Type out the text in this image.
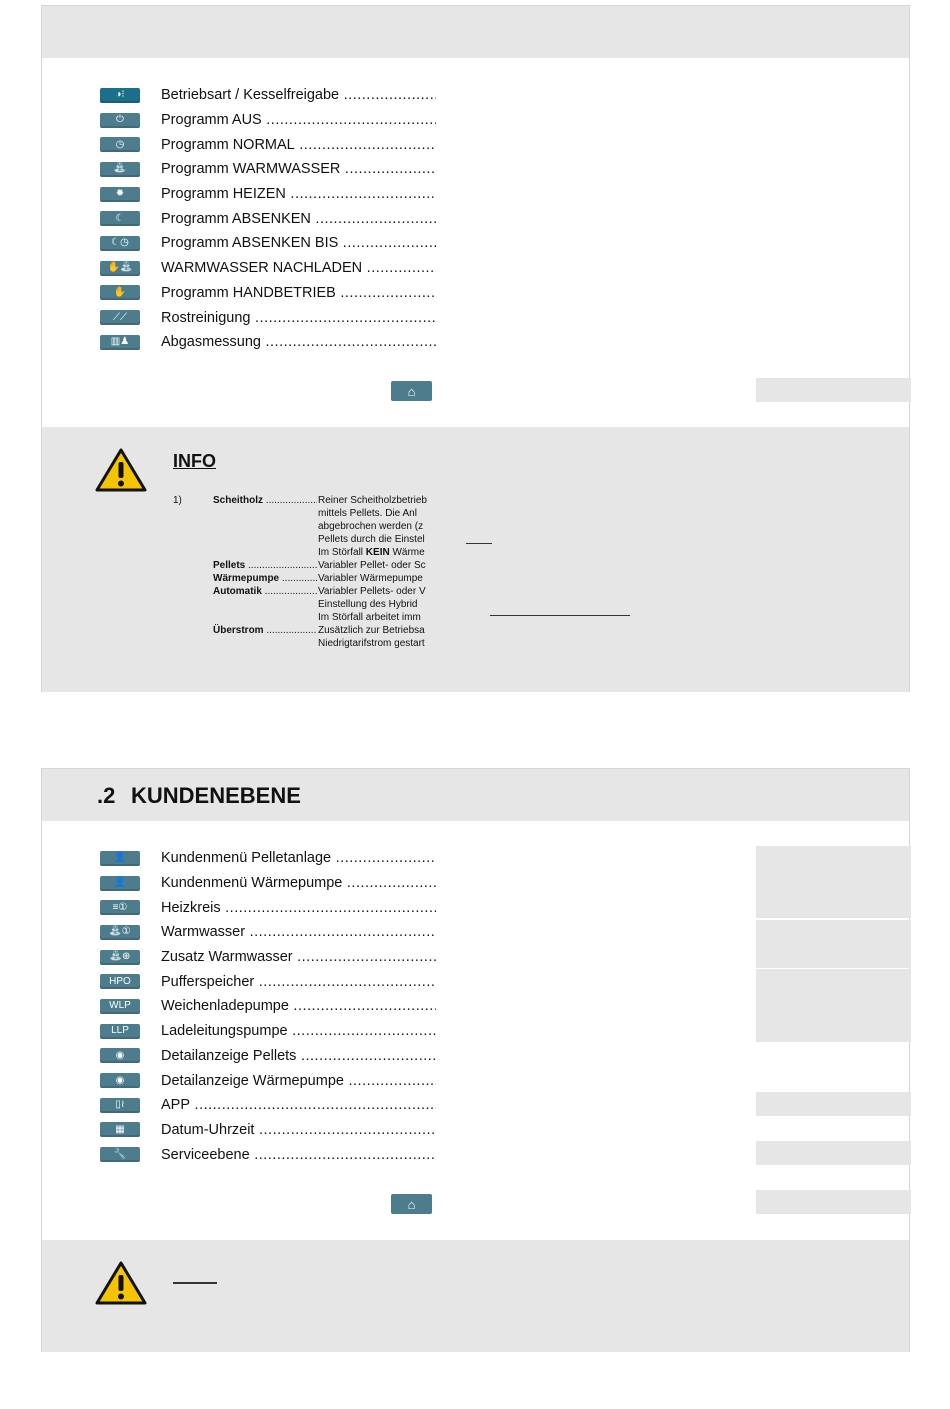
◑⁝	Betriebsart / Kesselfreigabe .....
⏻	Programm AUS .....
◷	Programm NORMAL .....
⛲	Programm WARMWASSER .....
✹	Programm HEIZEN .....
☾	Programm ABSENKEN .....
☾◷	Programm ABSENKEN BIS .....
✋⛲	WARMWASSER NACHLADEN .....
✋	Programm HANDBETRIEB .....
⟋⟋	Rostreinigung .....
▥♟	Abgasmessung .....
⌂
INFO
1)	Scheitholz .....	Reiner Scheitholzbetrieb
mittels Pellets. Die Anl
abgebrochen werden (z
Pellets durch die Einstel
Im Störfall KEIN Wärme
Pellets .....	Variabler Pellet- oder Sc
Wärmepumpe .....	Variabler Wärmepumpe
Automatik .....	Variabler Pellets- oder V
Einstellung des Hybrid
Im Störfall arbeitet imm
Überstrom .....	Zusätzlich zur Betriebsa
Niedrigtarifstrom gestart
.2 KUNDENEBENE
👤	Kundenmenü Pelletanlage .....
👤	Kundenmenü Wärmepumpe .....
≡①	Heizkreis .....
⛲①	Warmwasser .....
⛲⊕	Zusatz Warmwasser .....
HPO	Pufferspeicher .....
WLP	Weichenladepumpe .....
LLP	Ladeleitungspumpe .....
◉	Detailanzeige Pellets .....
◉	Detailanzeige Wärmepumpe .....
▯≀	APP .....
▦	Datum-Uhrzeit .....
🔧	Serviceebene .....
⌂
